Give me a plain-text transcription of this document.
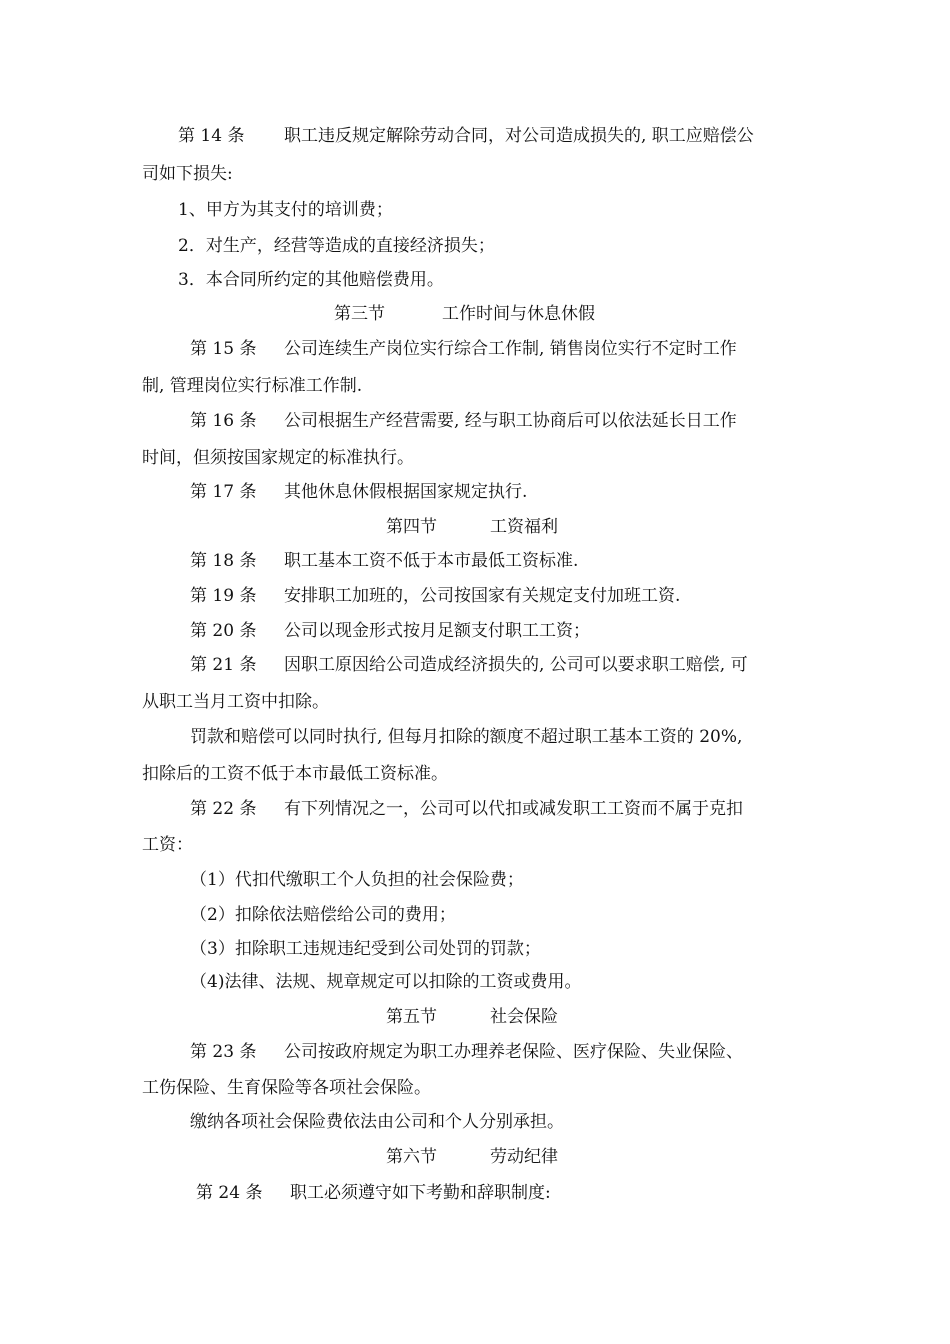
第 14 条 职工违反规定解除劳动合同，对公司造成损失的, 职工应赔偿公
司如下损失:
1、甲方为其支付的培训费；
2．对生产，经营等造成的直接经济损失；
3．本合同所约定的其他赔偿费用。
第三节	工作时间与休息休假
第 15 条 公司连续生产岗位实行综合工作制, 销售岗位实行不定时工作
制, 管理岗位实行标准工作制.
第 16 条 公司根据生产经营需要, 经与职工协商后可以依法延长日工作
时间，但须按国家规定的标准执行。
第 17 条 其他休息休假根据国家规定执行.
第四节	工资福利
第 18 条 职工基本工资不低于本市最低工资标准.
第 19 条 安排职工加班的，公司按国家有关规定支付加班工资.
第 20 条 公司以现金形式按月足额支付职工工资；
第 21 条 因职工原因给公司造成经济损失的, 公司可以要求职工赔偿, 可
从职工当月工资中扣除。
罚款和赔偿可以同时执行, 但每月扣除的额度不超过职工基本工资的 20%,
扣除后的工资不低于本市最低工资标准。
第 22 条 有下列情况之一，公司可以代扣或减发职工工资而不属于克扣
工资：
（1）代扣代缴职工个人负担的社会保险费；
（2）扣除依法赔偿给公司的费用；
（3）扣除职工违规违纪受到公司处罚的罚款；
（4)法律、法规、规章规定可以扣除的工资或费用。
第五节	社会保险
第 23 条 公司按政府规定为职工办理养老保险、医疗保险、失业保险、
工伤保险、生育保险等各项社会保险。
缴纳各项社会保险费依法由公司和个人分别承担。
第六节	劳动纪律
第 24 条 职工必须遵守如下考勤和辞职制度:
